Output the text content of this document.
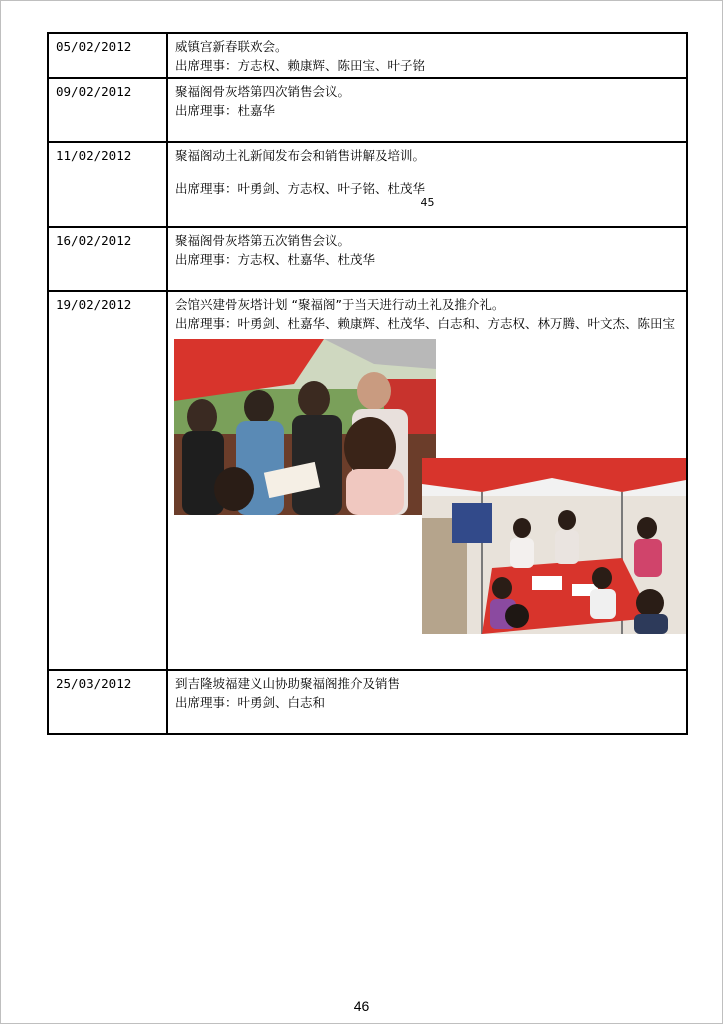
05/02/2012	威镇宫新春联欢会。
出席理事：方志权、赖康辉、陈田宝、叶子铭

09/02/2012	聚福阁骨灰塔第四次销售会议。
出席理事：杜嘉华

11/02/2012	聚福阁动土礼新闻发布会和销售讲解及培训。
出席理事：叶勇剑、方志权、叶子铭、杜茂华
45

16/02/2012	聚福阁骨灰塔第五次销售会议。
出席理事：方志权、杜嘉华、杜茂华

19/02/2012	会馆兴建骨灰塔计划 “聚福阁”于当天进行动土礼及推介礼。
出席理事：叶勇剑、杜嘉华、赖康辉、杜茂华、白志和、方志权、林万腾、叶文杰、陈田宝

25/03/2012	到吉隆坡福建义山协助聚福阁推介及销售
出席理事：叶勇剑、白志和
46
